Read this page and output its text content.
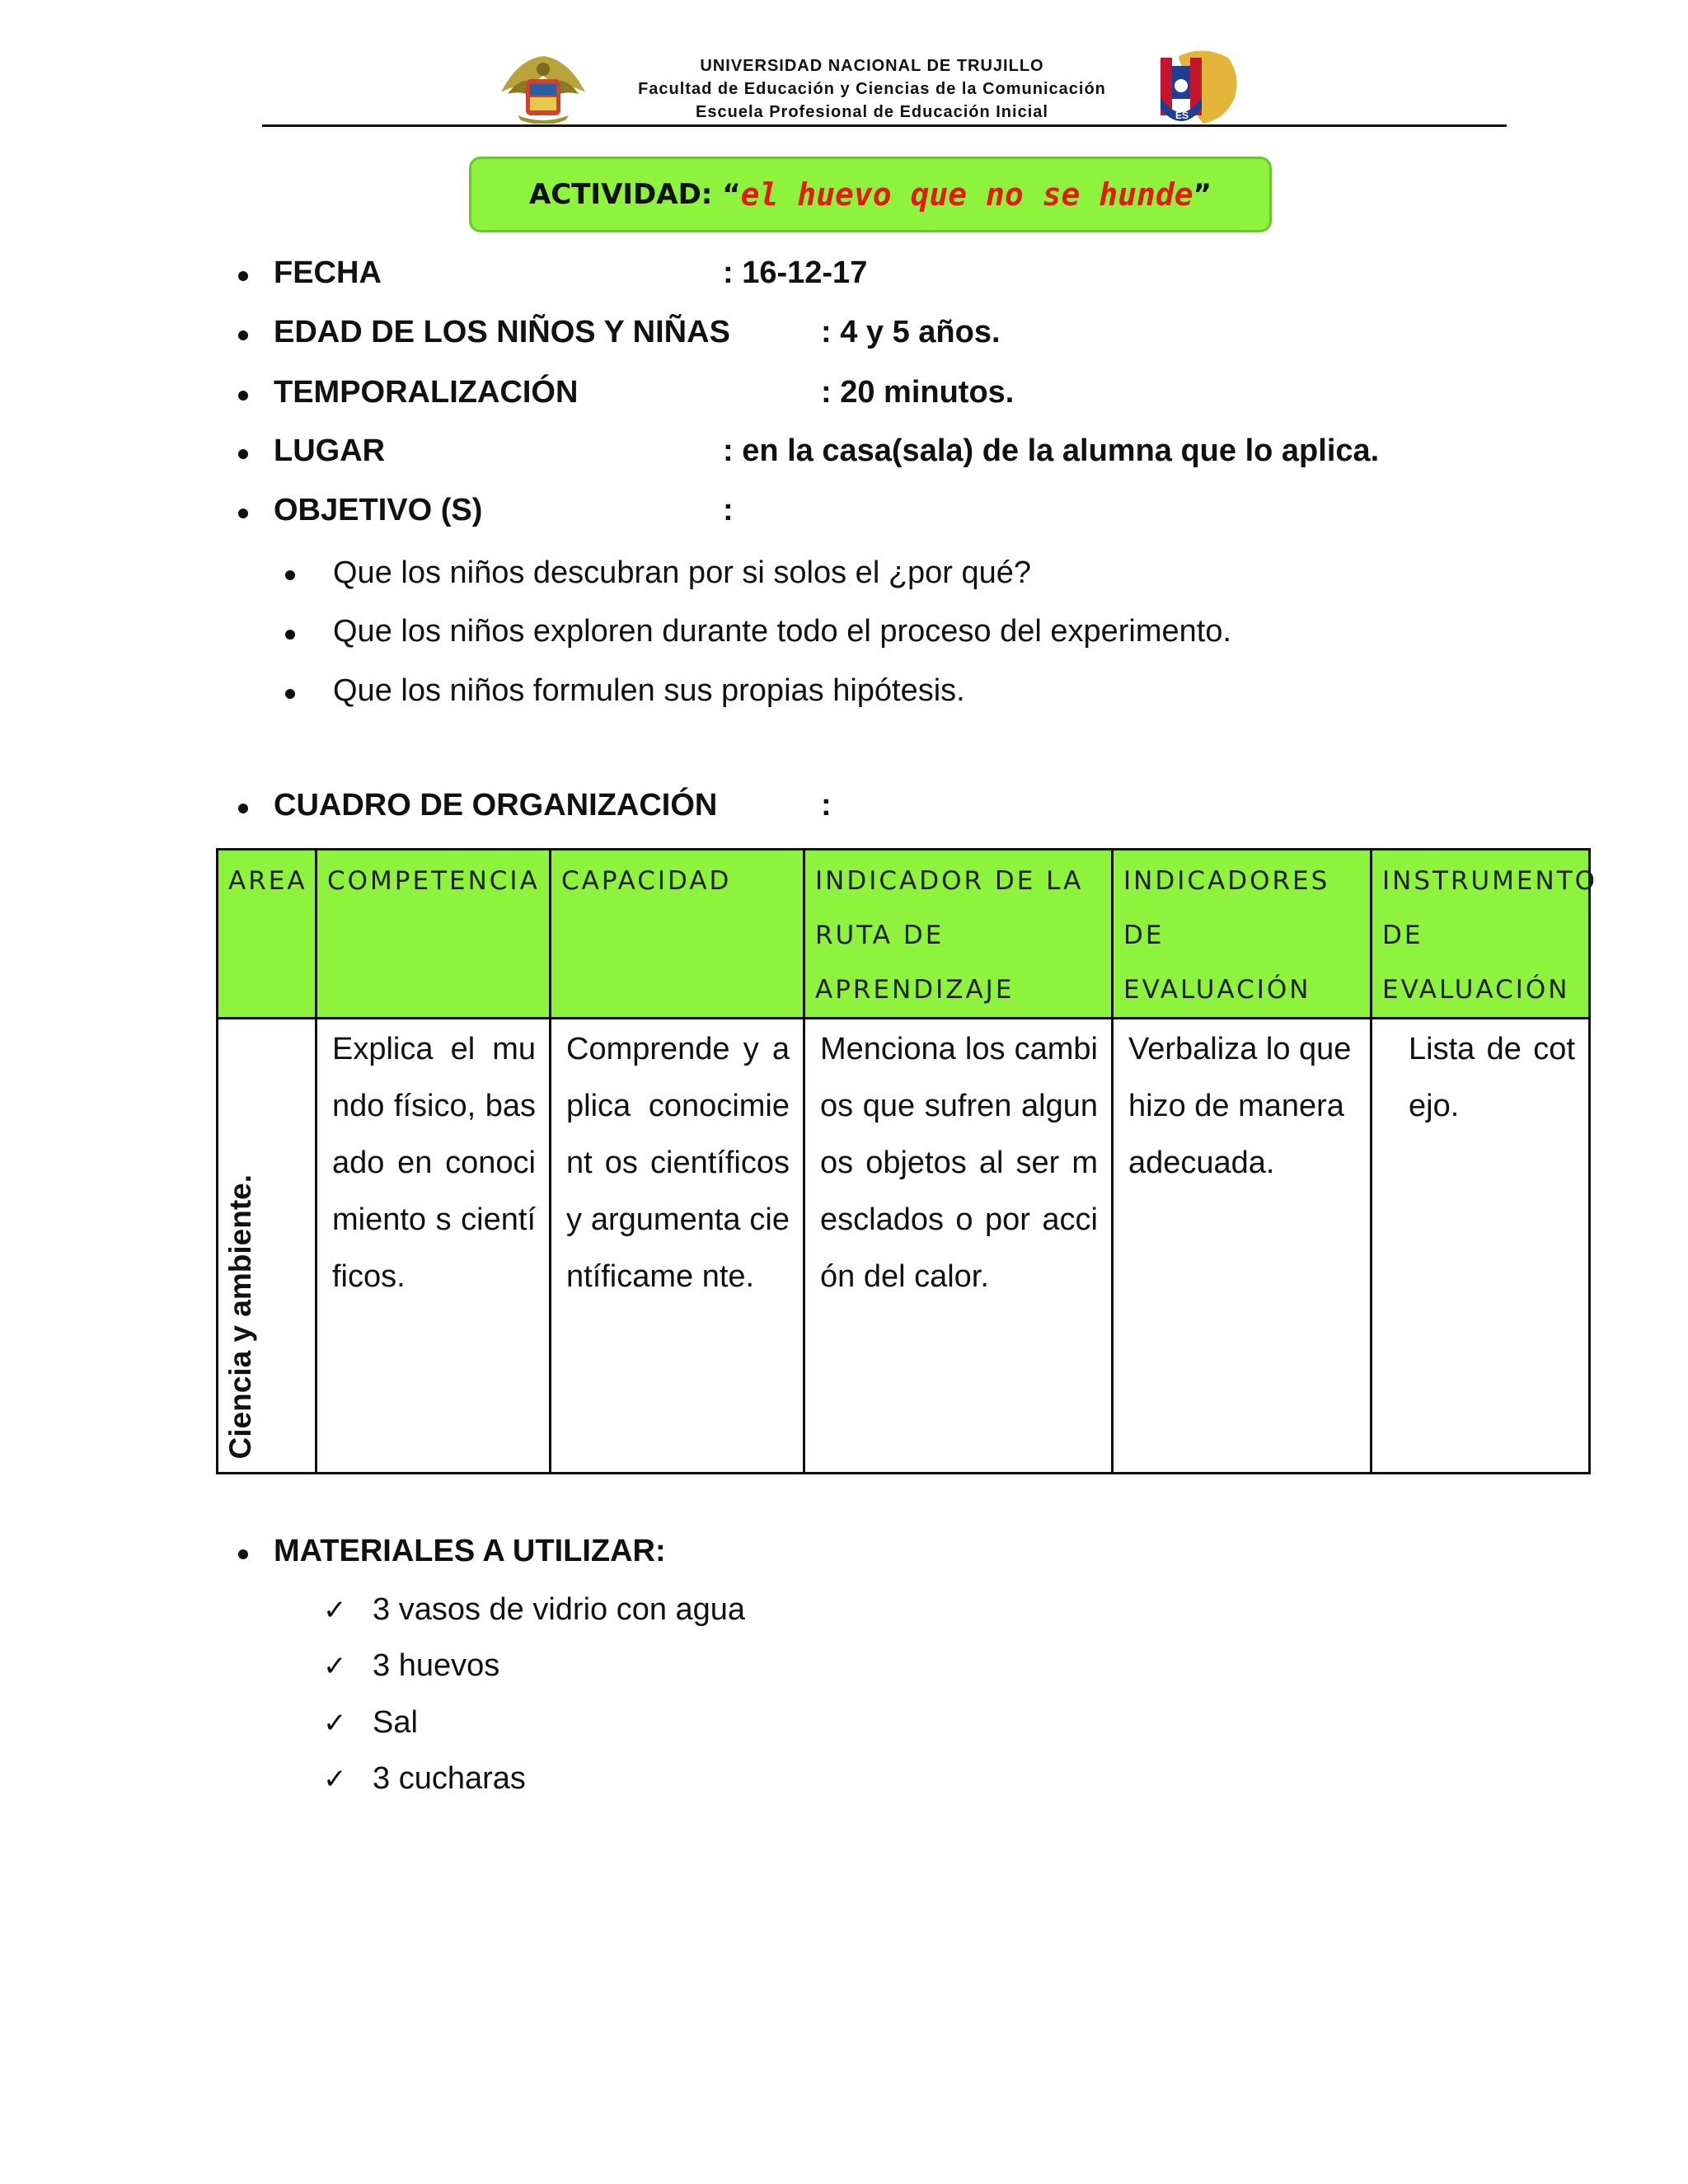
UNIVERSIDAD NACIONAL DE TRUJILLO
Facultad de Educación y Ciencias de la Comunicación
Escuela Profesional de Educación Inicial	ES
ACTIVIDAD: “ el huevo que no se hunde ”
FECHA	: 16-12-17
EDAD DE LOS NIÑOS Y NIÑAS	: 4 y 5 años.
TEMPORALIZACIÓN	: 20 minutos.
LUGAR	: en la casa(sala) de la alumna que lo aplica.
OBJETIVO (S)	:
Que los niños descubran por si solos el ¿por qué?
Que los niños exploren durante todo el proceso del experimento.
Que los niños formulen sus propias hipótesis.
CUADRO DE ORGANIZACIÓN	:
AREA	COMPETENCIA	CAPACIDAD	INDICADOR DE LA RUTA DE APRENDIZAJE	INDICADORES DE EVALUACIÓN	INSTRUMENTO DE EVALUACIÓN

Ciencia y ambiente.	Explica el mundo físico, basado en conocimiento s científicos.	Comprende y aplica conocimient os científicos y argumenta científicame nte.	Menciona los cambios que sufren algunos objetos al ser mesclados o por acción del calor.	Verbaliza lo que hizo de manera adecuada.	Lista de cotejo.
MATERIALES A UTILIZAR:
✓ 3 vasos de vidrio con agua
✓ 3 huevos
✓ Sal
✓ 3 cucharas
